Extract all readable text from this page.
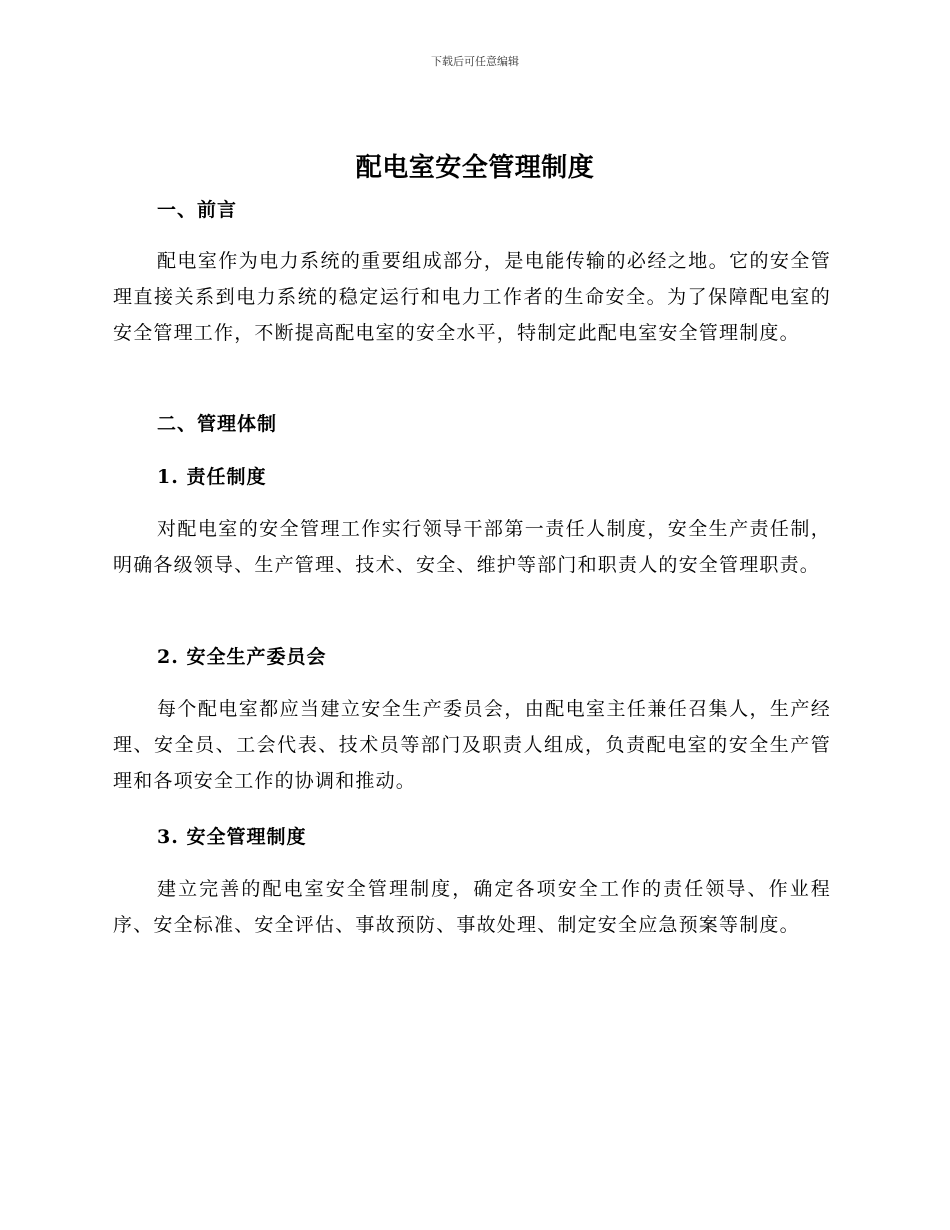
下载后可任意编辑
配电室安全管理制度
一、前言
配电室作为电力系统的重要组成部分，是电能传输的必经之地。它的安全管理直接关系到电力系统的稳定运行和电力工作者的生命安全。为了保障配电室的安全管理工作，不断提高配电室的安全水平，特制定此配电室安全管理制度。
二、管理体制
1. 责任制度
对配电室的安全管理工作实行领导干部第一责任人制度，安全生产责任制，明确各级领导、生产管理、技术、安全、维护等部门和职责人的安全管理职责。
2. 安全生产委员会
每个配电室都应当建立安全生产委员会，由配电室主任兼任召集人，生产经理、安全员、工会代表、技术员等部门及职责人组成，负责配电室的安全生产管理和各项安全工作的协调和推动。
3. 安全管理制度
建立完善的配电室安全管理制度，确定各项安全工作的责任领导、作业程序、安全标准、安全评估、事故预防、事故处理、制定安全应急预案等制度。
